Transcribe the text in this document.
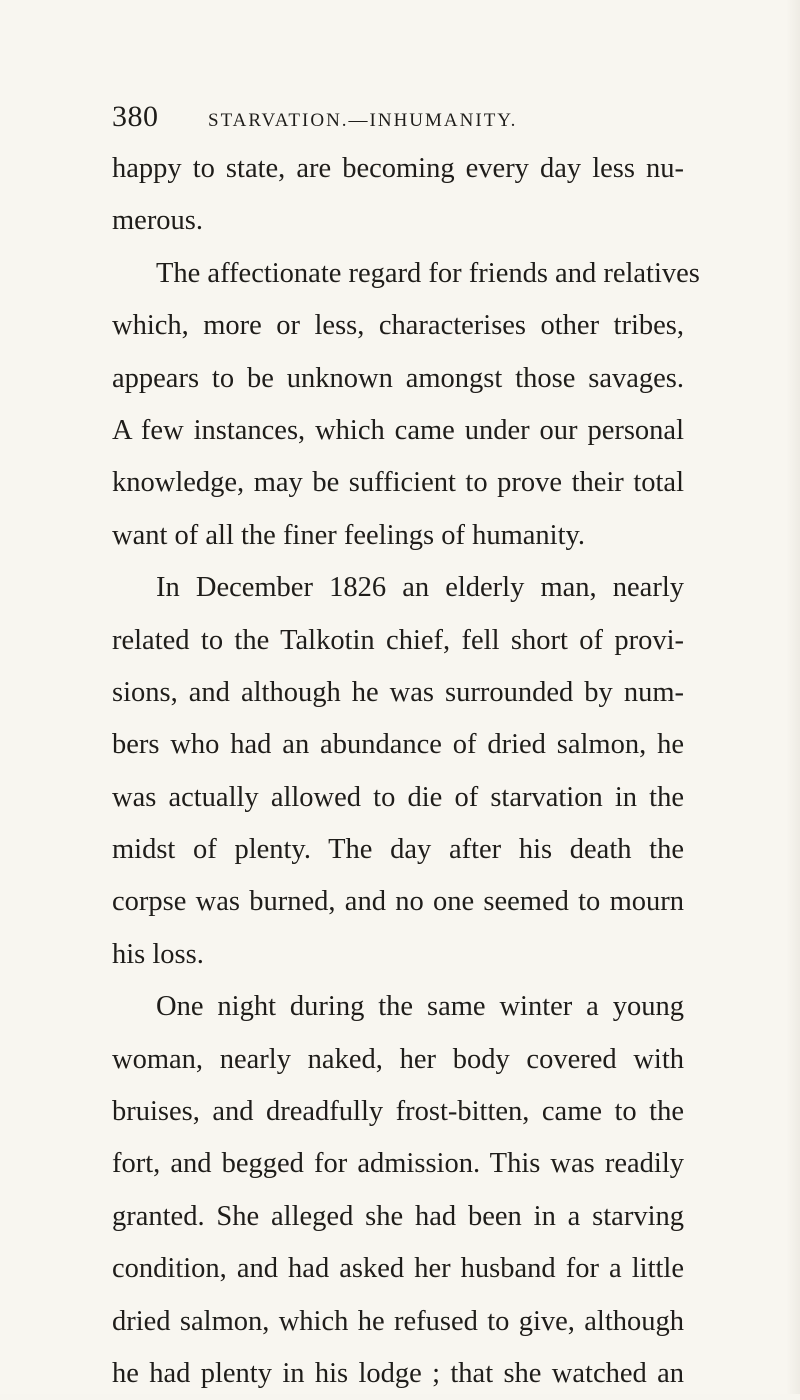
380	STARVATION.—INHUMANITY.
happy to state, are becoming every day less nu-
merous.
The affectionate regard for friends and relatives
which, more or less, characterises other tribes,
appears to be unknown amongst those savages.
A few instances, which came under our personal
knowledge, may be sufficient to prove their total
want of all the finer feelings of humanity.
In December 1826 an elderly man, nearly
related to the Talkotin chief, fell short of provi-
sions, and although he was surrounded by num-
bers who had an abundance of dried salmon, he
was actually allowed to die of starvation in the
midst of plenty. The day after his death the
corpse was burned, and no one seemed to mourn
his loss.
One night during the same winter a young
woman, nearly naked, her body covered with
bruises, and dreadfully frost-bitten, came to the
fort, and begged for admission. This was readily
granted. She alleged she had been in a starving
condition, and had asked her husband for a little
dried salmon, which he refused to give, although
he had plenty in his lodge ; that she watched an
